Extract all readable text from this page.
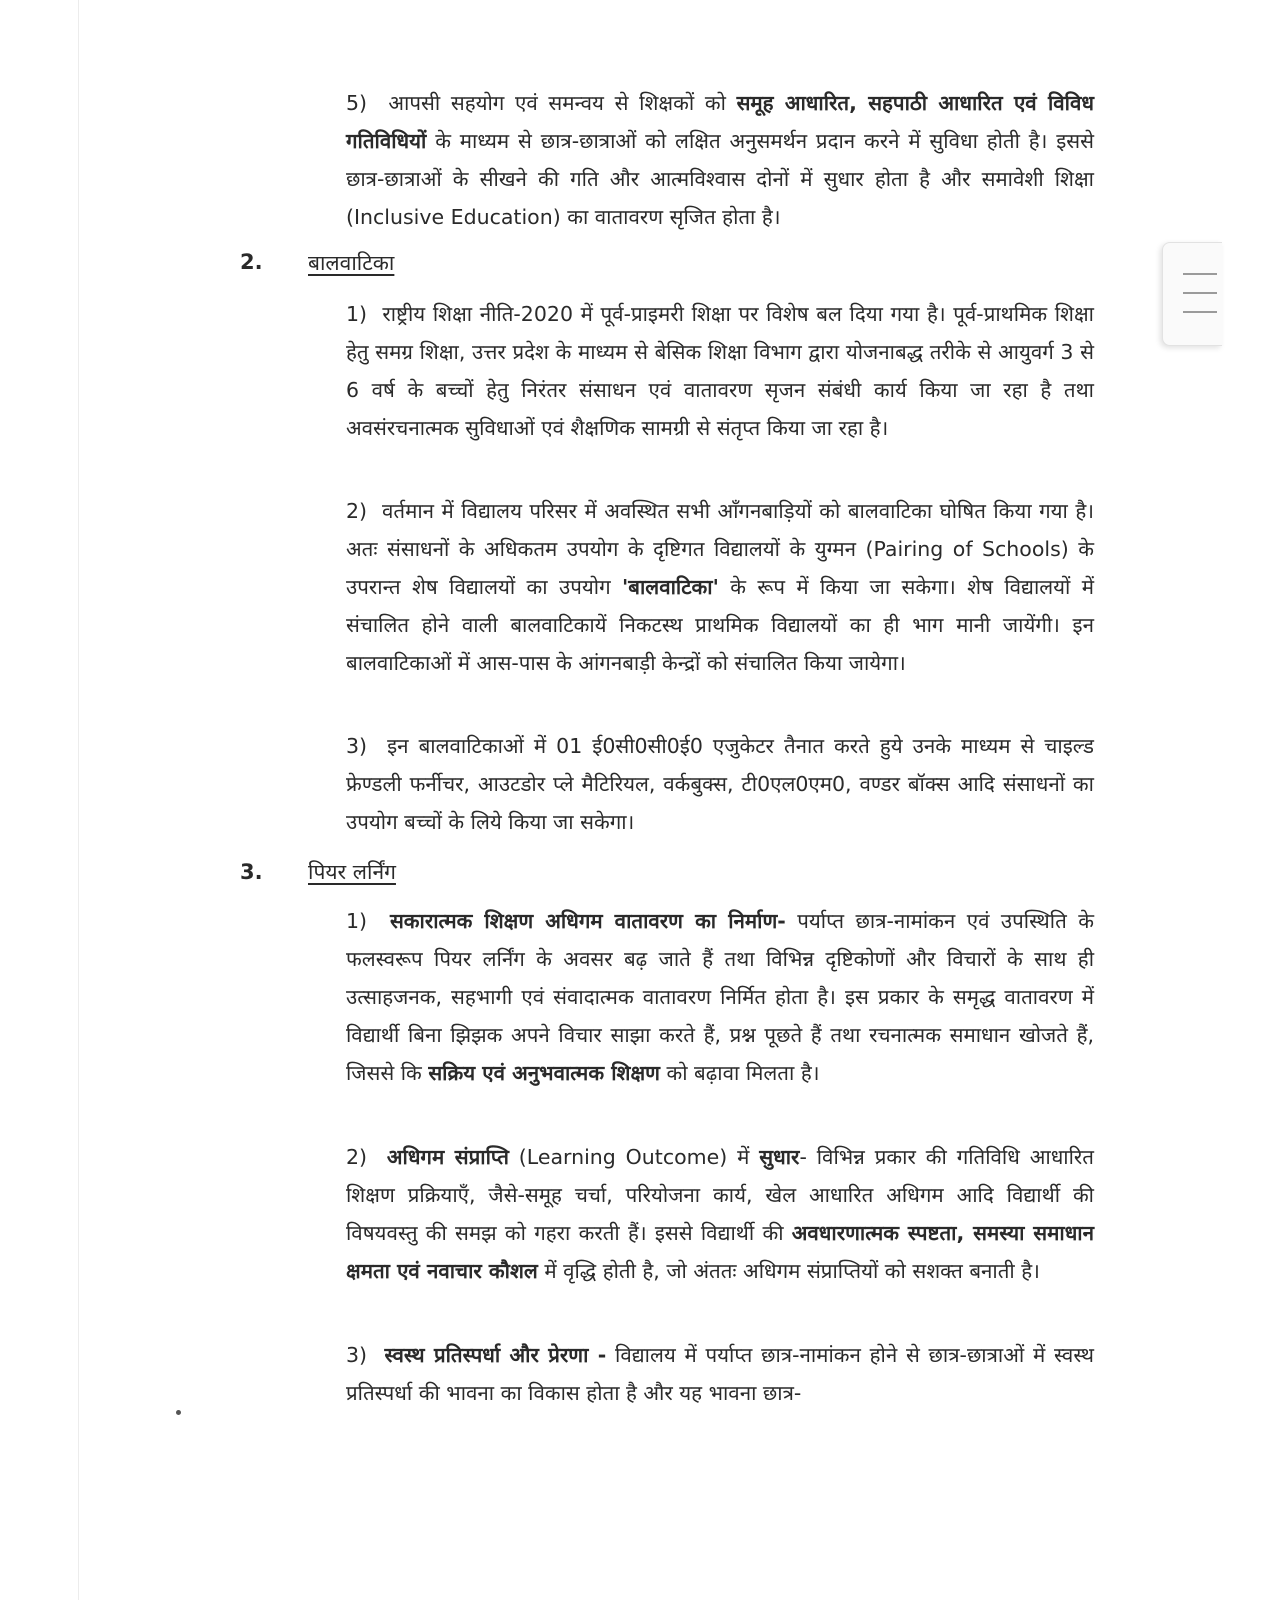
5) आपसी सहयोग एवं समन्वय से शिक्षकों को समूह आधारित, सहपाठी आधारित एवं विविध गतिविधियों के माध्यम से छात्र-छात्राओं को लक्षित अनुसमर्थन प्रदान करने में सुविधा होती है। इससे छात्र-छात्राओं के सीखने की गति और आत्मविश्वास दोनों में सुधार होता है और समावेशी शिक्षा (Inclusive Education) का वातावरण सृजित होता है।

2. बालवाटिका

1) राष्ट्रीय शिक्षा नीति-2020 में पूर्व-प्राइमरी शिक्षा पर विशेष बल दिया गया है। पूर्व-प्राथमिक शिक्षा हेतु समग्र शिक्षा, उत्तर प्रदेश के माध्यम से बेसिक शिक्षा विभाग द्वारा योजनाबद्ध तरीके से आयुवर्ग 3 से 6 वर्ष के बच्चों हेतु निरंतर संसाधन एवं वातावरण सृजन संबंधी कार्य किया जा रहा है तथा अवसंरचनात्मक सुविधाओं एवं शैक्षणिक सामग्री से संतृप्त किया जा रहा है।

2) वर्तमान में विद्यालय परिसर में अवस्थित सभी आँगनबाड़ियों को बालवाटिका घोषित किया गया है। अतः संसाधनों के अधिकतम उपयोग के दृष्टिगत विद्यालयों के युग्मन (Pairing of Schools) के उपरान्त शेष विद्यालयों का उपयोग 'बालवाटिका' के रूप में किया जा सकेगा। शेष विद्यालयों में संचालित होने वाली बालवाटिकायें निकटस्थ प्राथमिक विद्यालयों का ही भाग मानी जायेंगी। इन बालवाटिकाओं में आस-पास के आंगनबाड़ी केन्द्रों को संचालित किया जायेगा।

3) इन बालवाटिकाओं में 01 ई0सी0सी0ई0 एजुकेटर तैनात करते हुये उनके माध्यम से चाइल्ड फ्रेण्डली फर्नीचर, आउटडोर प्ले मैटिरियल, वर्कबुक्स, टी0एल0एम0, वण्डर बॉक्स आदि संसाधनों का उपयोग बच्चों के लिये किया जा सकेगा।

3. पियर लर्निंग

1) सकारात्मक शिक्षण अधिगम वातावरण का निर्माण- पर्याप्त छात्र-नामांकन एवं उपस्थिति के फलस्वरूप पियर लर्निंग के अवसर बढ़ जाते हैं तथा विभिन्न दृष्टिकोणों और विचारों के साथ ही उत्साहजनक, सहभागी एवं संवादात्मक वातावरण निर्मित होता है। इस प्रकार के समृद्ध वातावरण में विद्यार्थी बिना झिझक अपने विचार साझा करते हैं, प्रश्न पूछते हैं तथा रचनात्मक समाधान खोजते हैं, जिससे कि सक्रिय एवं अनुभवात्मक शिक्षण को बढ़ावा मिलता है।

2) अधिगम संप्राप्ति (Learning Outcome) में सुधार- विभिन्न प्रकार की गतिविधि आधारित शिक्षण प्रक्रियाएँ, जैसे-समूह चर्चा, परियोजना कार्य, खेल आधारित अधिगम आदि विद्यार्थी की विषयवस्तु की समझ को गहरा करती हैं। इससे विद्यार्थी की अवधारणात्मक स्पष्टता, समस्या समाधान क्षमता एवं नवाचार कौशल में वृद्धि होती है, जो अंततः अधिगम संप्राप्तियों को सशक्त बनाती है।

3) स्वस्थ प्रतिस्पर्धा और प्रेरणा - विद्यालय में पर्याप्त छात्र-नामांकन होने से छात्र-छात्राओं में स्वस्थ प्रतिस्पर्धा की भावना का विकास होता है और यह भावना छात्र-
